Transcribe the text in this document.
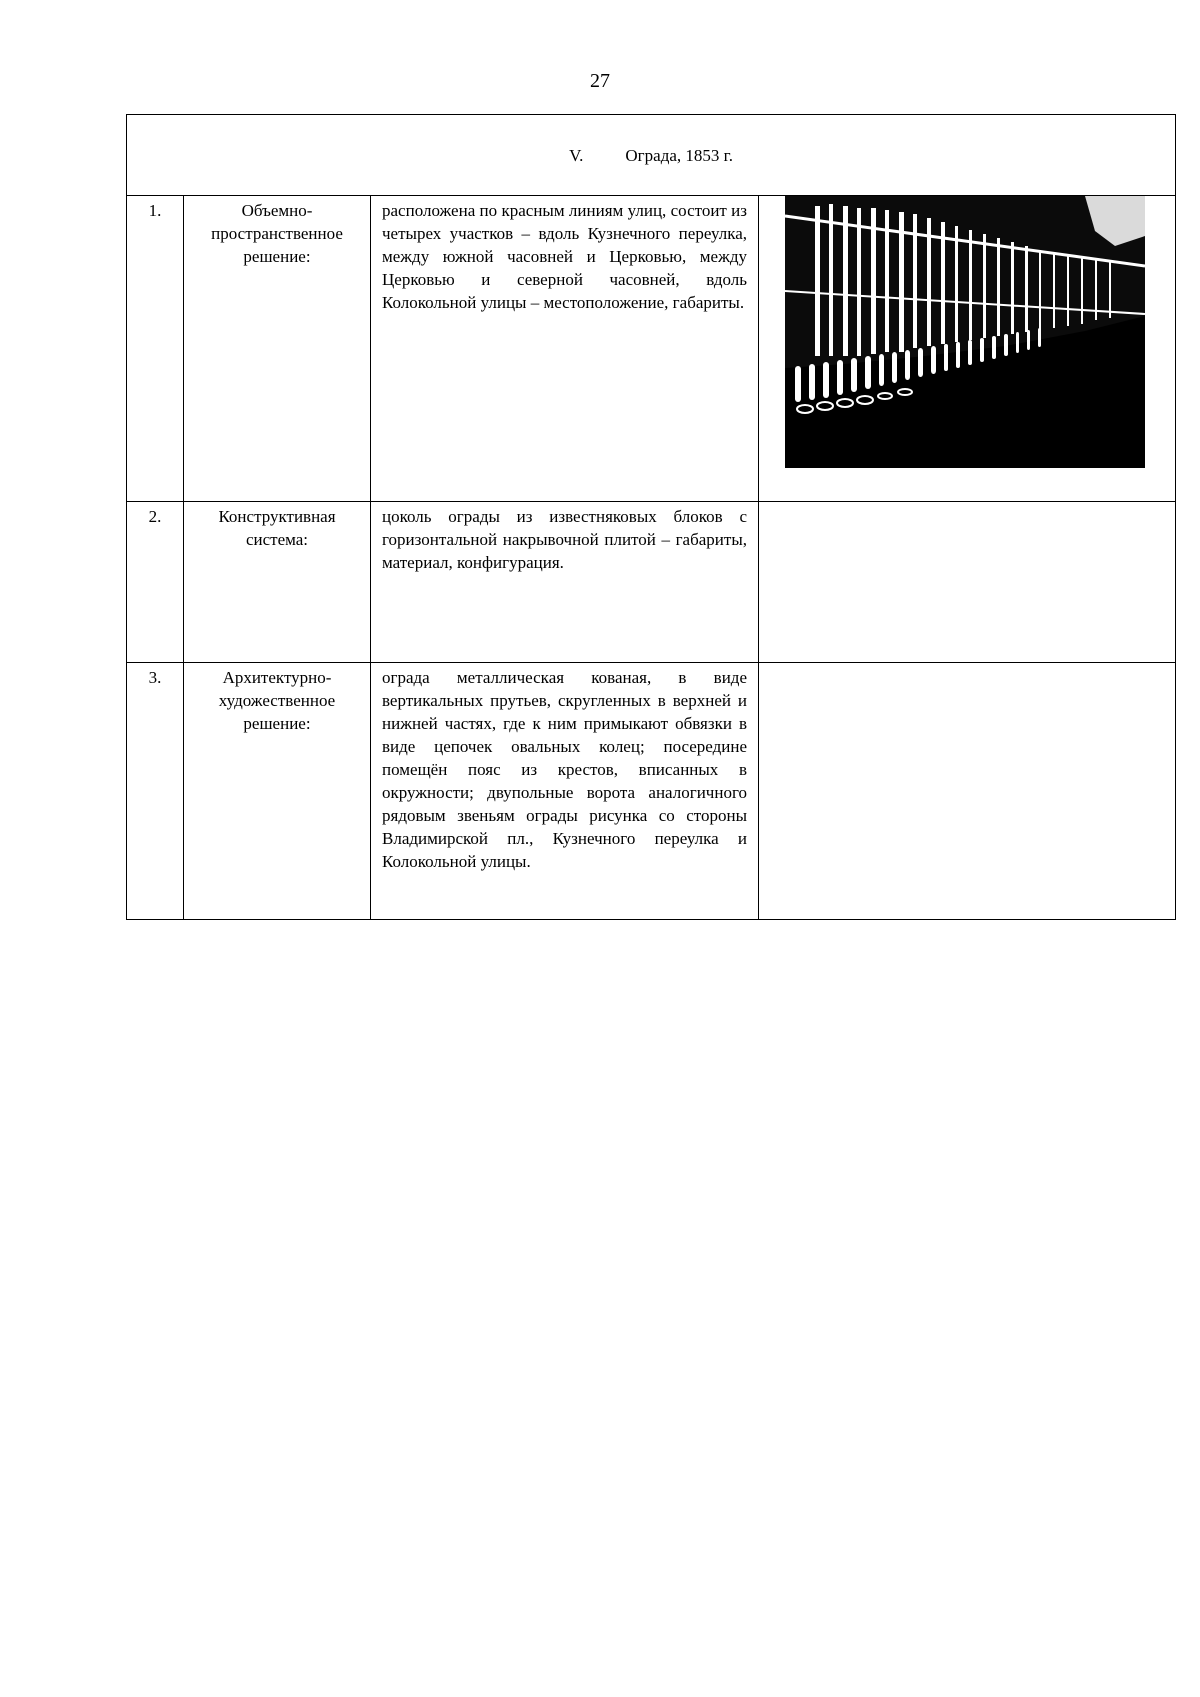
27
V. Ограда, 1853 г.			
1.	Объемно-пространственное решение:	расположена по красным линиям улиц, состоит из четырех участков – вдоль Кузнечного переулка, между южной часовней и Церковью, между Церковью и северной часовней, вдоль Колокольной улицы – местоположение, габариты.	

2.	Конструктивная система:	цоколь ограды из известняковых блоков с горизонтальной накрывочной плитой – габариты, материал, конфигурация.	
3.	Архитектурно-художественное решение:	ограда металлическая кованая, в виде вертикальных прутьев, скругленных в верхней и нижней частях, где к ним примыкают обвязки в виде цепочек овальных колец; посередине помещён пояс из крестов, вписанных в окружности; двупольные ворота аналогичного рядовым звеньям ограды рисунка со стороны Владимирской пл., Кузнечного переулка и Колокольной улицы.	
